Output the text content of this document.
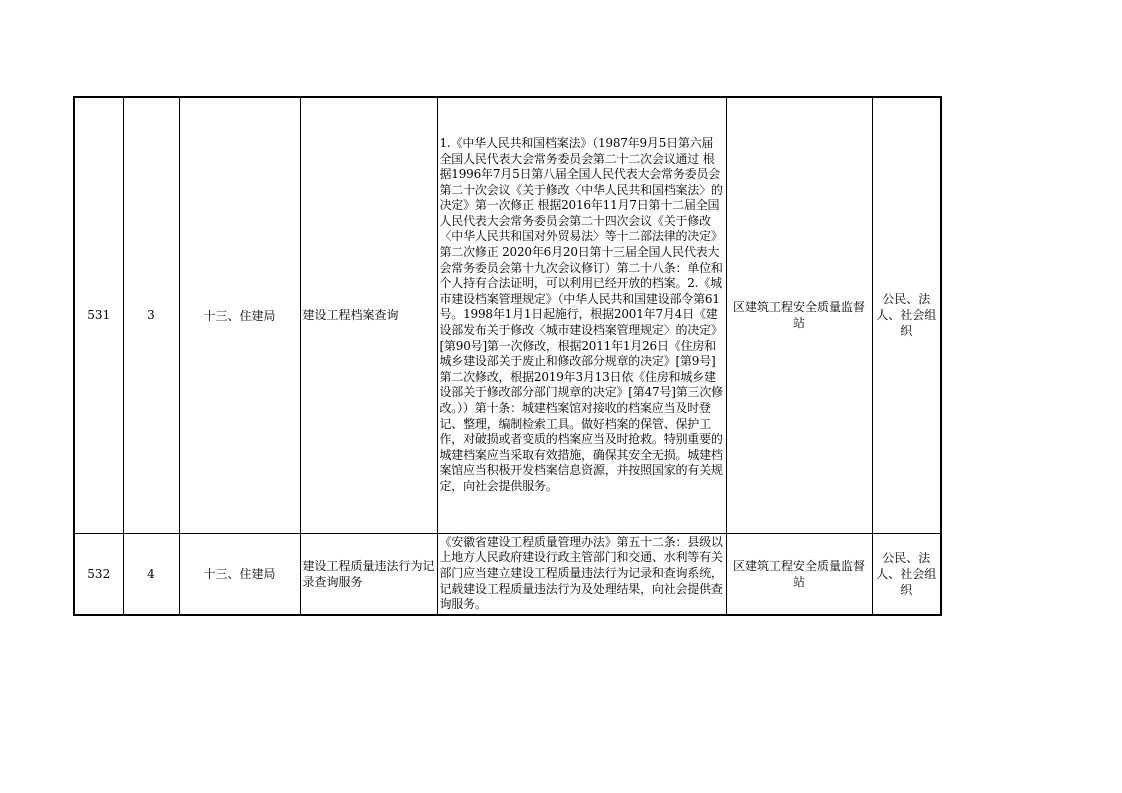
531	3	十三、住建局	建设工程档案查询	1.《中华人民共和国档案法》（1987年9月5日第六届全国人民代表大会常务委员会第二十二次会议通过 根据1996年7月5日第八届全国人民代表大会常务委员会第二十次会议《关于修改〈中华人民共和国档案法〉的决定》第一次修正 根据2016年11月7日第十二届全国人民代表大会常务委员会第二十四次会议《关于修改〈中华人民共和国对外贸易法〉等十二部法律的决定》第二次修正 2020年6月20日第十三届全国人民代表大会常务委员会第十九次会议修订）第二十八条：单位和个人持有合法证明，可以利用已经开放的档案。2.《城市建设档案管理规定》（中华人民共和国建设部令第61号。1998年1月1日起施行，根据2001年7月4日《建设部发布关于修改〈城市建设档案管理规定〉的决定》[第90号]第一次修改，根据2011年1月26日《住房和城乡建设部关于废止和修改部分规章的决定》[第9号]第二次修改，根据2019年3月13日依《住房和城乡建设部关于修改部分部门规章的决定》[第47号]第三次修改。））第十条：城建档案馆对接收的档案应当及时登记、整理，编制检索工具。做好档案的保管、保护工作，对破损或者变质的档案应当及时抢救。特别重要的城建档案应当采取有效措施，确保其安全无损。城建档案馆应当积极开发档案信息资源，并按照国家的有关规定，向社会提供服务。	区建筑工程安全质量监督站	公民、法人、社会组织
532	4	十三、住建局	建设工程质量违法行为记录查询服务	《安徽省建设工程质量管理办法》第五十二条：县级以上地方人民政府建设行政主管部门和交通、水利等有关部门应当建立建设工程质量违法行为记录和查询系统，记载建设工程质量违法行为及处理结果，向社会提供查询服务。	区建筑工程安全质量监督站	公民、法人、社会组织
